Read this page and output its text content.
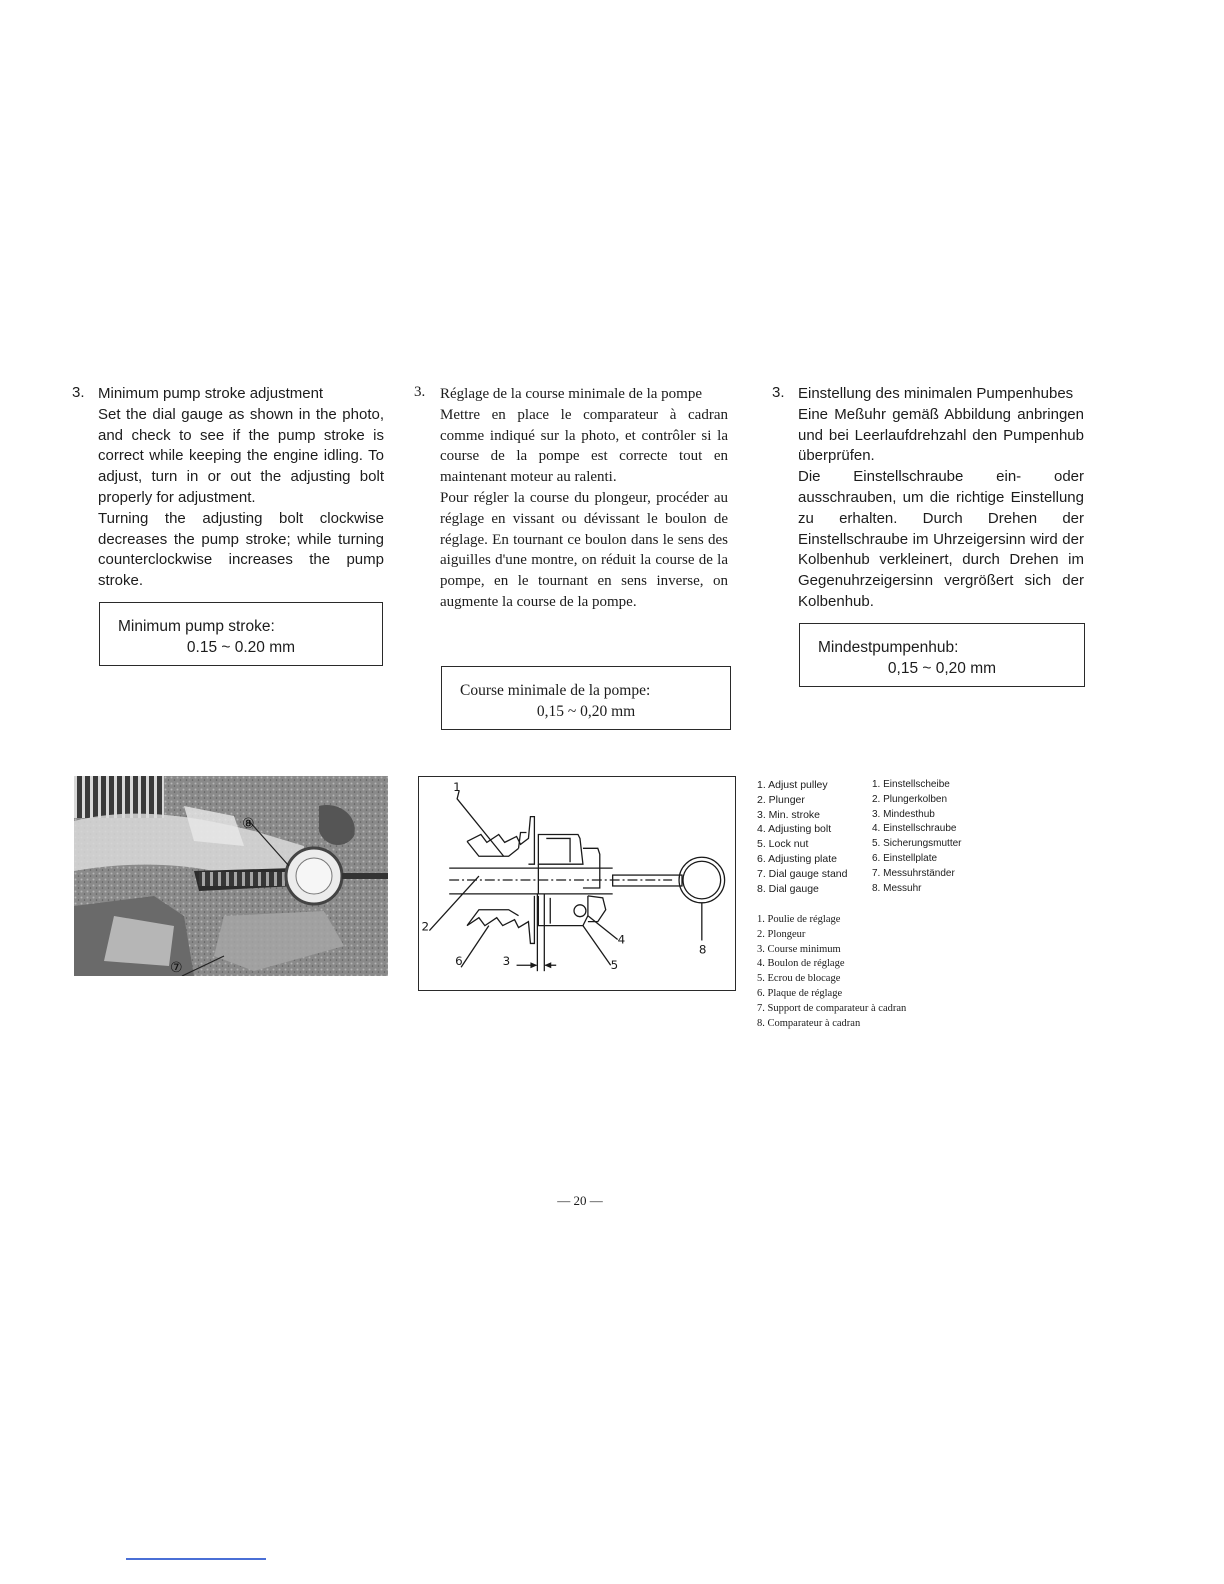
3. Minimum pump stroke adjustment
Set the dial gauge as shown in the photo, and check to see if the pump stroke is correct while keeping the engine idling. To adjust, turn in or out the adjusting bolt properly for adjustment.
Turning the adjusting bolt clockwise decreases the pump stroke; while turning counterclockwise increases the pump stroke.
Minimum pump stroke:
0.15 ~ 0.20 mm
3. Réglage de la course minimale de la pompe
Mettre en place le comparateur à cadran comme indiqué sur la photo, et contrôler si la course de la pompe est correcte tout en maintenant moteur au ralenti.
Pour régler la course du plongeur, procéder au réglage en vissant ou dévissant le boulon de réglage. En tournant ce boulon dans le sens des aiguilles d'une montre, on réduit la course de la pompe, en le tournant en sens inverse, on augmente la course de la pompe.
Course minimale de la pompe:
0,15 ~ 0,20 mm
3. Einstellung des minimalen Pumpenhubes
Eine Meßuhr gemäß Abbildung anbringen und bei Leerlaufdrehzahl den Pumpenhub überprüfen.
Die Einstellschraube ein- oder ausschrauben, um die richtige Einstellung zu erhalten. Durch Drehen der Einstellschraube im Uhrzeigersinn wird der Kolbenhub verkleinert, durch Drehen im Gegenuhrzeigersinn vergrößert sich der Kolbenhub.
Mindestpumpenhub:
0,15 ~ 0,20 mm
⑧
⑦
1
2
3
4
5
6
8
1. Adjust pulley
2. Plunger
3. Min. stroke
4. Adjusting bolt
5. Lock nut
6. Adjusting plate
7. Dial gauge stand
8. Dial gauge
1. Einstellscheibe
2. Plungerkolben
3. Mindesthub
4. Einstellschraube
5. Sicherungsmutter
6. Einstellplate
7. Messuhrständer
8. Messuhr
1. Poulie de réglage
2. Plongeur
3. Course minimum
4. Boulon de réglage
5. Ecrou de blocage
6. Plaque de réglage
7. Support de comparateur à cadran
8. Comparateur à cadran
— 20 —
